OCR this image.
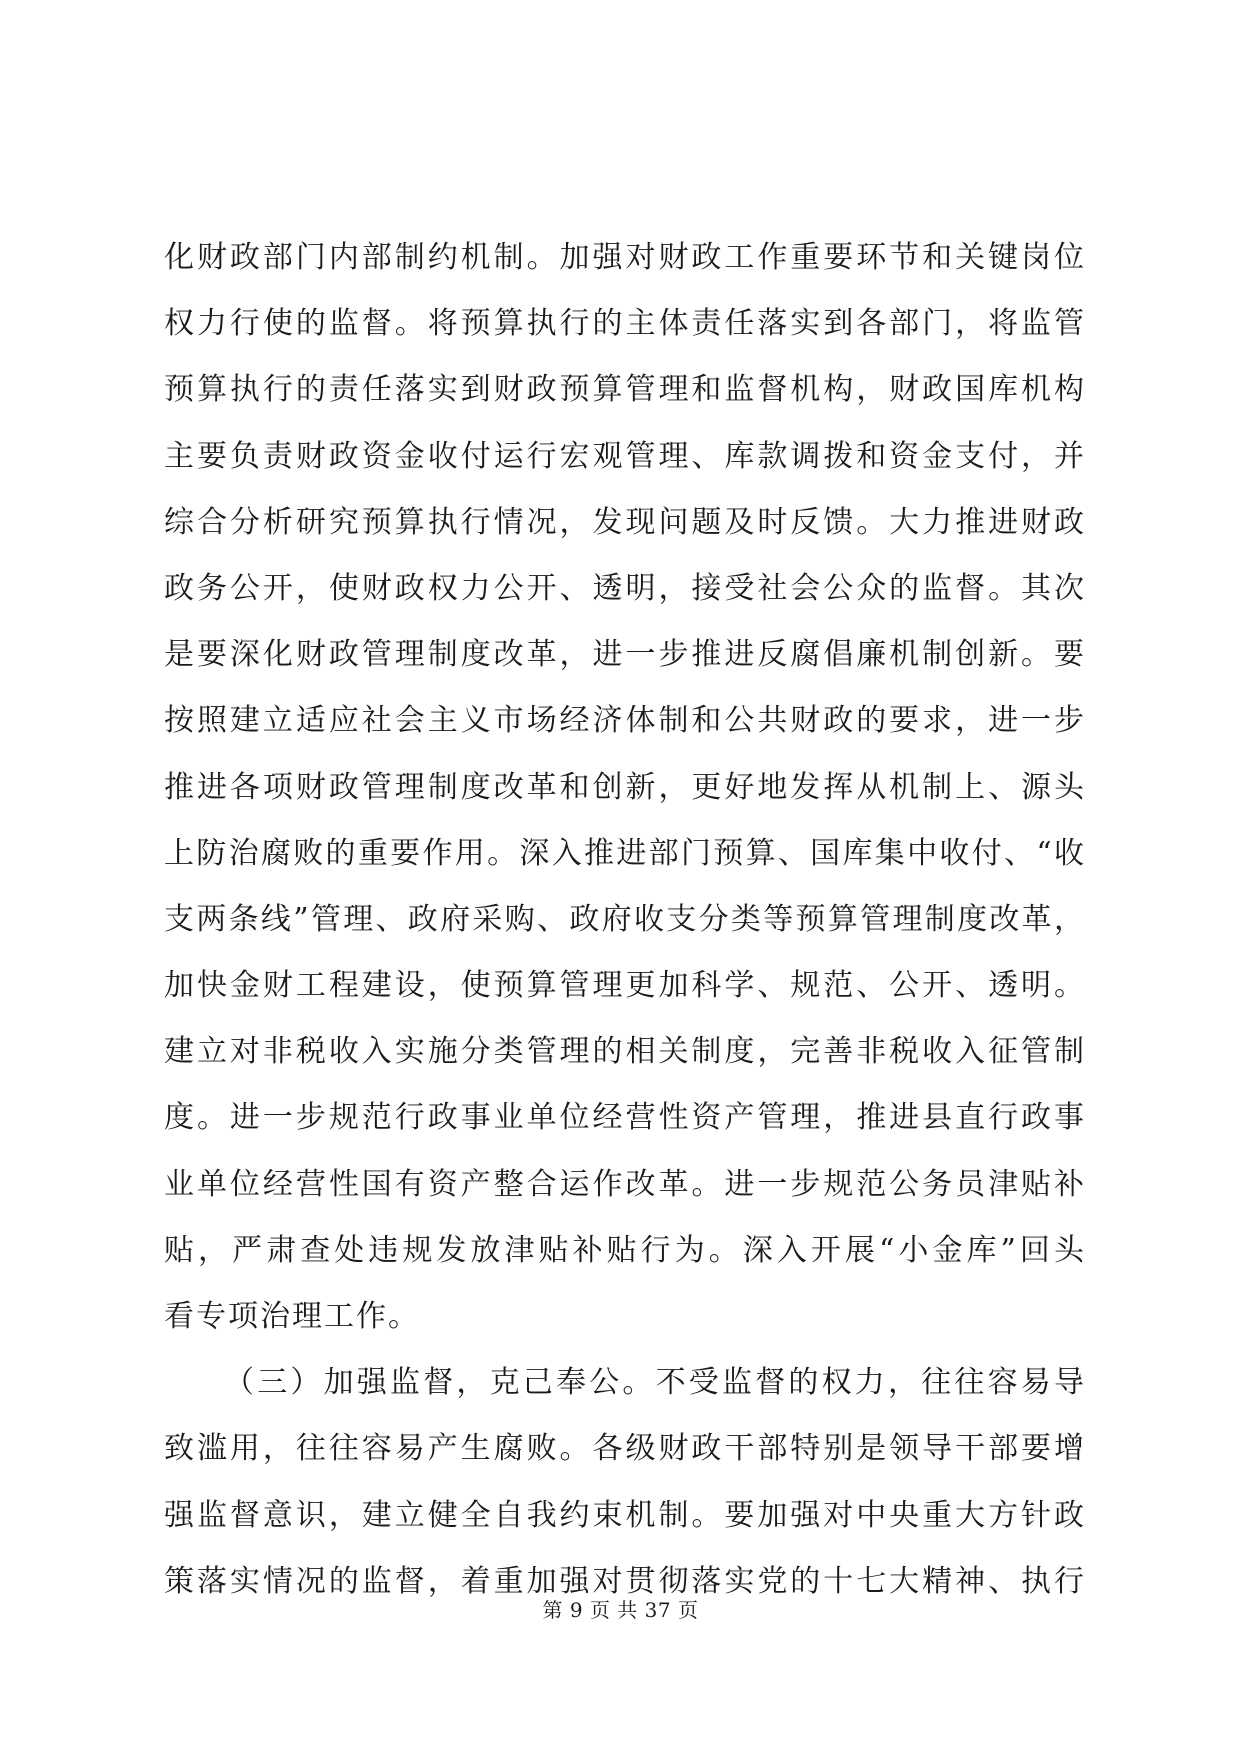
化财政部门内部制约机制。加强对财政工作重要环节和关键岗位
权力行使的监督。将预算执行的主体责任落实到各部门，将监管
预算执行的责任落实到财政预算管理和监督机构，财政国库机构
主要负责财政资金收付运行宏观管理、库款调拨和资金支付，并
综合分析研究预算执行情况，发现问题及时反馈。大力推进财政
政务公开，使财政权力公开、透明，接受社会公众的监督。其次
是要深化财政管理制度改革，进一步推进反腐倡廉机制创新。要
按照建立适应社会主义市场经济体制和公共财政的要求，进一步
推进各项财政管理制度改革和创新，更好地发挥从机制上、源头
上防治腐败的重要作用。深入推进部门预算、国库集中收付、“收
支两条线”管理、政府采购、政府收支分类等预算管理制度改革，
加快金财工程建设，使预算管理更加科学、规范、公开、透明。
建立对非税收入实施分类管理的相关制度，完善非税收入征管制
度。进一步规范行政事业单位经营性资产管理，推进县直行政事
业单位经营性国有资产整合运作改革。进一步规范公务员津贴补
贴，严肃查处违规发放津贴补贴行为。深入开展“小金库”回头
看专项治理工作。
（三）加强监督，克己奉公。不受监督的权力，往往容易导
致滥用，往往容易产生腐败。各级财政干部特别是领导干部要增
强监督意识，建立健全自我约束机制。要加强对中央重大方针政
策落实情况的监督，着重加强对贯彻落实党的十七大精神、执行
第 9 页 共 37 页
